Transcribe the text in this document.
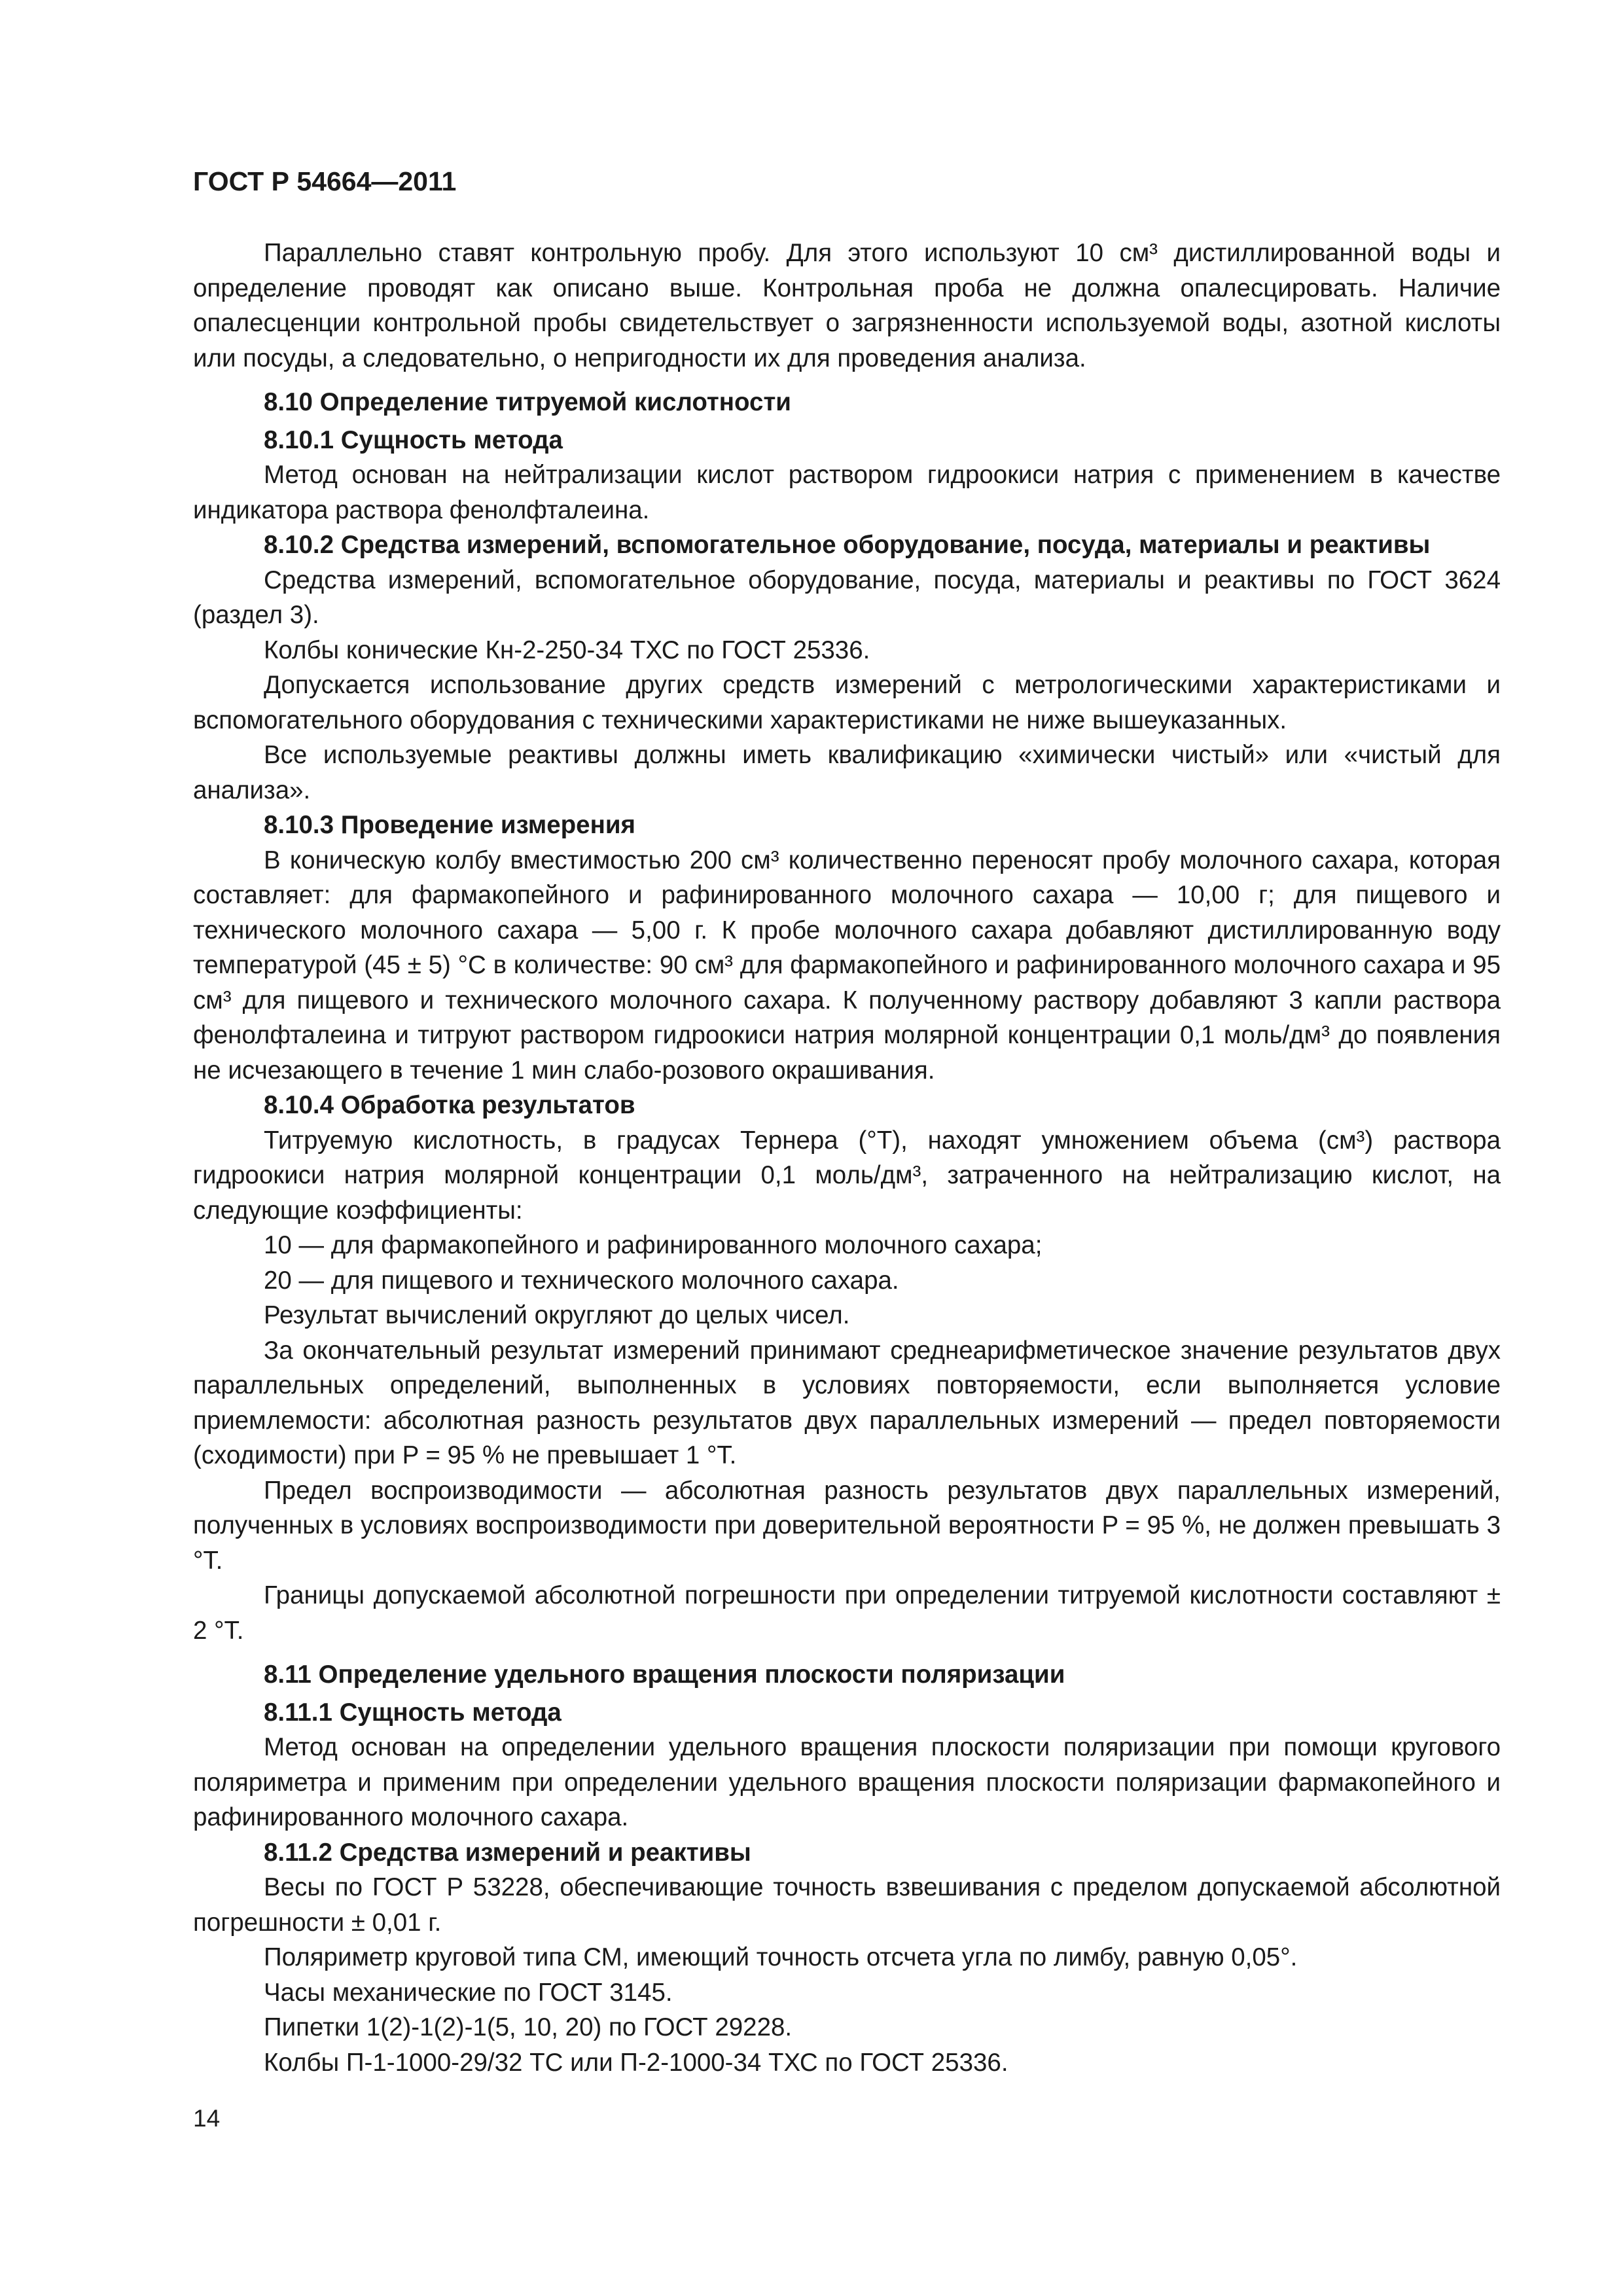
ГОСТ Р 54664—2011

Параллельно ставят контрольную пробу. Для этого используют 10 см³ дистиллированной воды и определение проводят как описано выше. Контрольная проба не должна опалесцировать. Наличие опалесценции контрольной пробы свидетельствует о загрязненности используемой воды, азотной кислоты или посуды, а следовательно, о непригодности их для проведения анализа.

8.10 Определение титруемой кислотности

8.10.1 Сущность метода

Метод основан на нейтрализации кислот раствором гидроокиси натрия с применением в качестве индикатора раствора фенолфталеина.

8.10.2 Средства измерений, вспомогательное оборудование, посуда, материалы и реактивы

Средства измерений, вспомогательное оборудование, посуда, материалы и реактивы по ГОСТ 3624 (раздел 3).

Колбы конические Кн-2-250-34 ТХС по ГОСТ 25336.

Допускается использование других средств измерений с метрологическими характеристиками и вспомогательного оборудования с техническими характеристиками не ниже вышеуказанных.

Все используемые реактивы должны иметь квалификацию «химически чистый» или «чистый для анализа».

8.10.3 Проведение измерения

В коническую колбу вместимостью 200 см³ количественно переносят пробу молочного сахара, которая составляет: для фармакопейного и рафинированного молочного сахара — 10,00 г; для пищевого и технического молочного сахара — 5,00 г. К пробе молочного сахара добавляют дистиллированную воду температурой (45 ± 5) °С в количестве: 90 см³ для фармакопейного и рафинированного молочного сахара и 95 см³ для пищевого и технического молочного сахара. К полученному раствору добавляют 3 капли раствора фенолфталеина и титруют раствором гидроокиси натрия молярной концентрации 0,1 моль/дм³ до появления не исчезающего в течение 1 мин слабо-розового окрашивания.

8.10.4 Обработка результатов

Титруемую кислотность, в градусах Тернера (°Т), находят умножением объема (см³) раствора гидроокиси натрия молярной концентрации 0,1 моль/дм³, затраченного на нейтрализацию кислот, на следующие коэффициенты:

10 — для фармакопейного и рафинированного молочного сахара;

20 — для пищевого и технического молочного сахара.

Результат вычислений округляют до целых чисел.

За окончательный результат измерений принимают среднеарифметическое значение результатов двух параллельных определений, выполненных в условиях повторяемости, если выполняется условие приемлемости: абсолютная разность результатов двух параллельных измерений — предел повторяемости (сходимости) при P = 95 % не превышает 1 °Т.

Предел воспроизводимости — абсолютная разность результатов двух параллельных измерений, полученных в условиях воспроизводимости при доверительной вероятности P = 95 %, не должен превышать 3 °Т.

Границы допускаемой абсолютной погрешности при определении титруемой кислотности составляют ± 2 °Т.

8.11 Определение удельного вращения плоскости поляризации

8.11.1 Сущность метода

Метод основан на определении удельного вращения плоскости поляризации при помощи кругового поляриметра и применим при определении удельного вращения плоскости поляризации фармакопейного и рафинированного молочного сахара.

8.11.2 Средства измерений и реактивы

Весы по ГОСТ Р 53228, обеспечивающие точность взвешивания с пределом допускаемой абсолютной погрешности ± 0,01 г.

Поляриметр круговой типа СМ, имеющий точность отсчета угла по лимбу, равную 0,05°.

Часы механические по ГОСТ 3145.

Пипетки 1(2)-1(2)-1(5, 10, 20) по ГОСТ 29228.

Колбы П-1-1000-29/32 ТС или П-2-1000-34 ТХС по ГОСТ 25336.

14
